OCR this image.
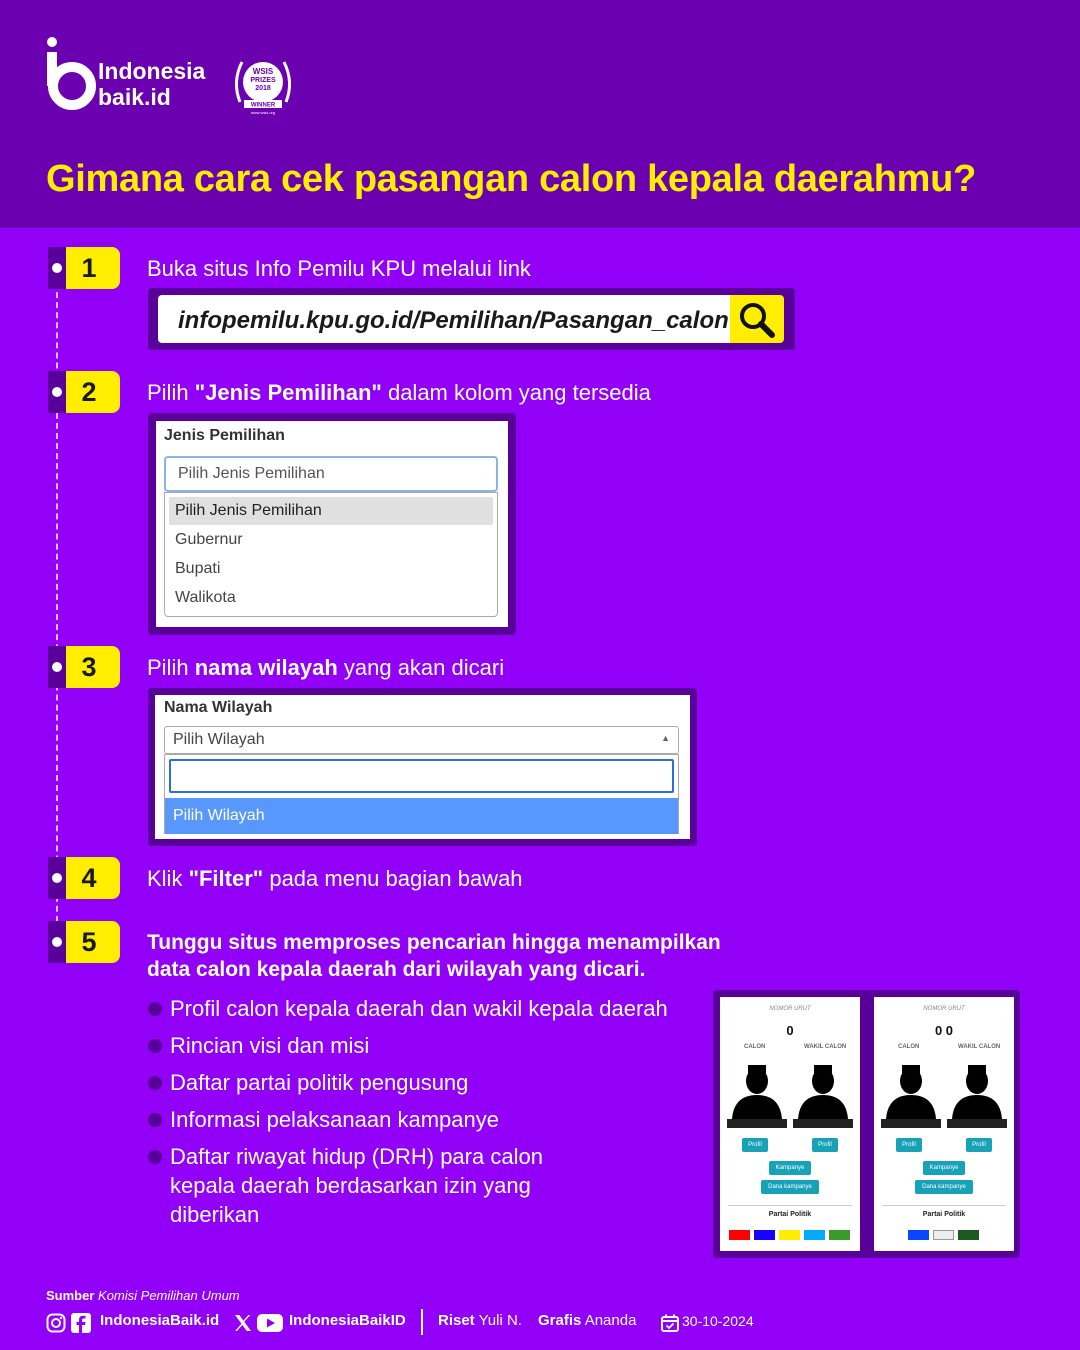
Indonesia
baik.id
WSIS
PRIZES
2018
WINNER
www.wsis.org
Gimana cara cek pasangan calon kepala daerahmu?
1	Buka situs Info Pemilu KPU melalui link
infopemilu.kpu.go.id/Pemilihan/Pasangan_calon
2	Pilih "Jenis Pemilihan" dalam kolom yang tersedia
Jenis Pemilihan
Pilih Jenis Pemilihan
Pilih Jenis Pemilihan
Gubernur
Bupati
Walikota
3	Pilih nama wilayah yang akan dicari
Nama Wilayah
Pilih Wilayah	▲
Pilih Wilayah
4	Klik "Filter" pada menu bagian bawah
5	Tunggu situs memproses pencarian hingga menampilkan
data calon kepala daerah dari wilayah yang dicari.
Profil calon kepala daerah dan wakil kepala daerah
Rincian visi dan misi
Daftar partai politik pengusung
Informasi pelaksanaan kampanye
Daftar riwayat hidup (DRH) para calon kepala daerah berdasarkan izin yang diberikan
NOMOR URUT
0
CALON	WAKIL CALON
Profil	Profil
Kampanye
Dana kampanye
Partai Politik
NOMOR URUT
0 0
CALON	WAKIL CALON
Profil	Profil
Kampanye
Dana kampanye
Partai Politik
Sumber Komisi Pemilihan Umum
IndonesiaBaik.id	IndonesiaBaikID Riset Yuli N. Grafis Ananda	30-10-2024
